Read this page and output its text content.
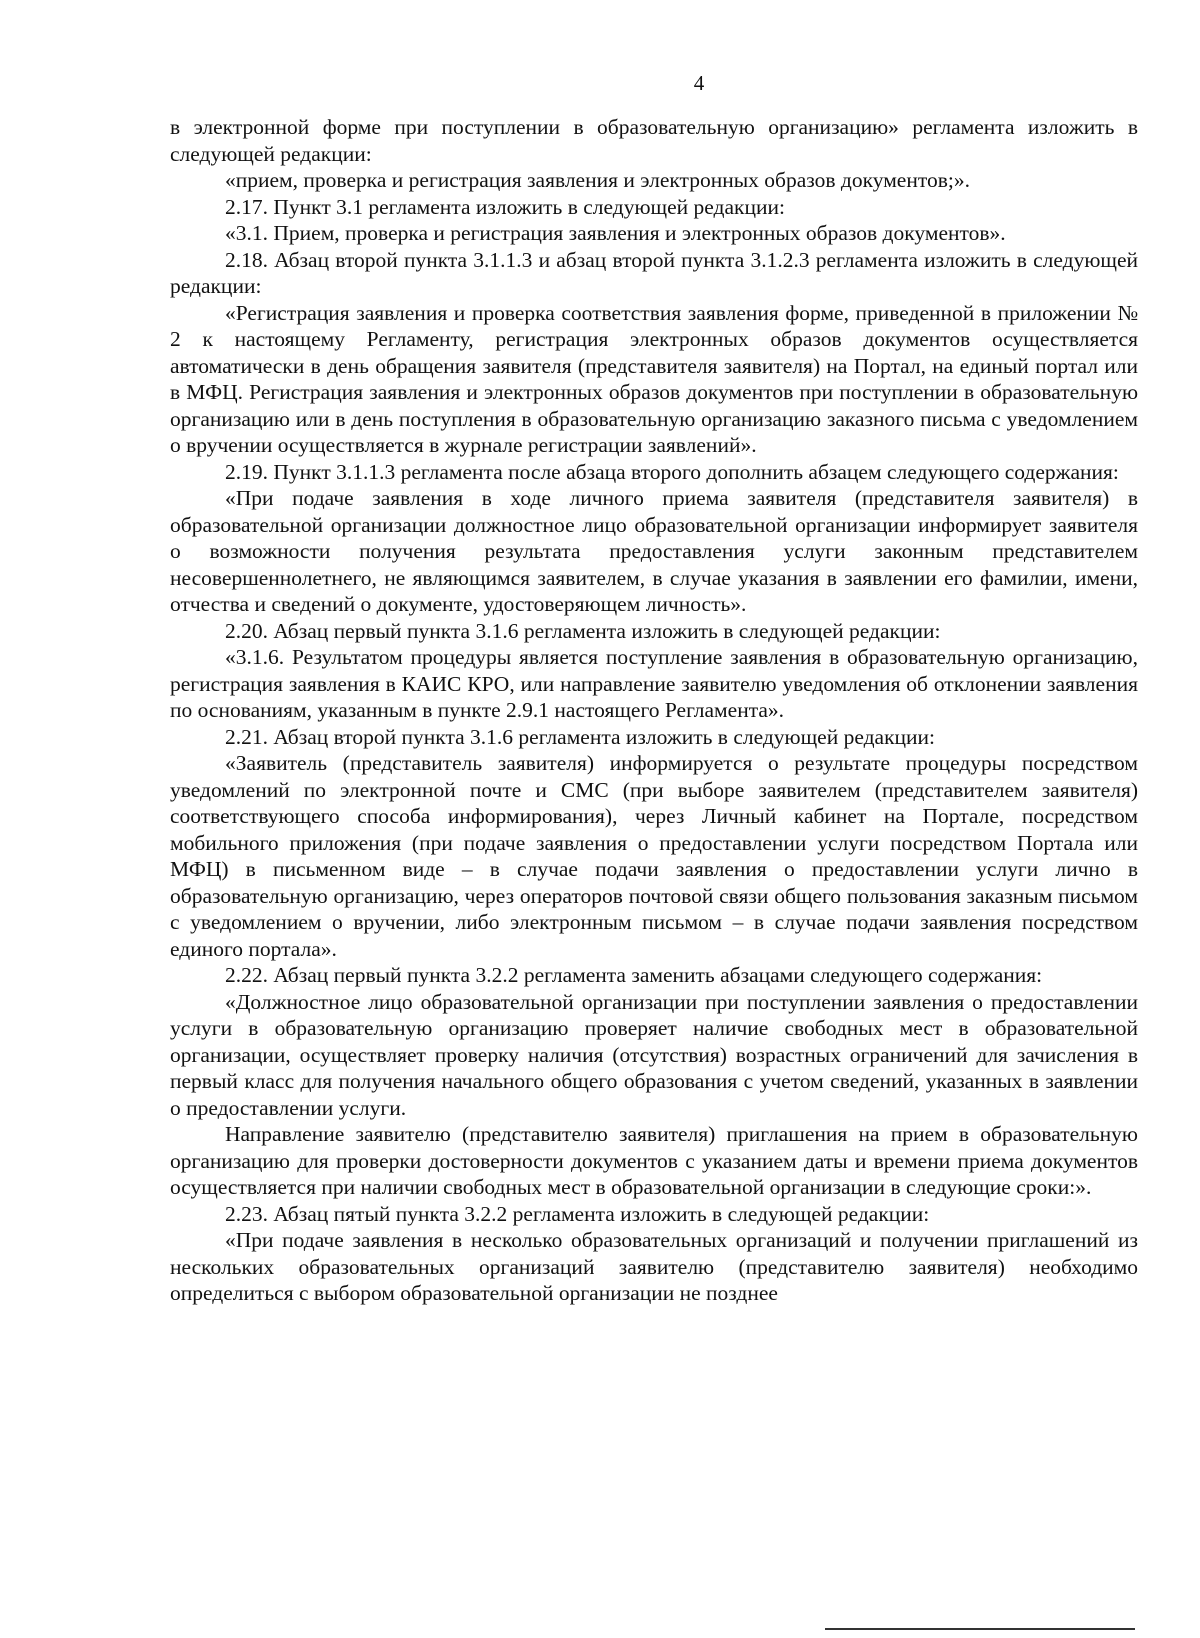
4

в электронной форме при поступлении в образовательную организацию» регламента изложить в следующей редакции:

«прием, проверка и регистрация заявления и электронных образов документов;».

2.17. Пункт 3.1 регламента изложить в следующей редакции:

«3.1. Прием, проверка и регистрация заявления и электронных образов документов».

2.18. Абзац второй пункта 3.1.1.3 и абзац второй пункта 3.1.2.3 регламента изложить в следующей редакции:

«Регистрация заявления и проверка соответствия заявления форме, приведенной в приложении № 2 к настоящему Регламенту, регистрация электронных образов документов осуществляется автоматически в день обращения заявителя (представителя заявителя) на Портал, на единый портал или в МФЦ. Регистрация заявления и электронных образов документов при поступлении в образовательную организацию или в день поступления в образовательную организацию заказного письма с уведомлением о вручении осуществляется в журнале регистрации заявлений».

2.19. Пункт 3.1.1.3 регламента после абзаца второго дополнить абзацем следующего содержания:

«При подаче заявления в ходе личного приема заявителя (представителя заявителя) в образовательной организации должностное лицо образовательной организации информирует заявителя о возможности получения результата предоставления услуги законным представителем несовершеннолетнего, не являющимся заявителем, в случае указания в заявлении его фамилии, имени, отчества и сведений о документе, удостоверяющем личность».

2.20. Абзац первый пункта 3.1.6 регламента изложить в следующей редакции:

«3.1.6. Результатом процедуры является поступление заявления в образовательную организацию, регистрация заявления в КАИС КРО, или направление заявителю уведомления об отклонении заявления по основаниям, указанным в пункте 2.9.1 настоящего Регламента».

2.21. Абзац второй пункта 3.1.6 регламента изложить в следующей редакции:

«Заявитель (представитель заявителя) информируется о результате процедуры посредством уведомлений по электронной почте и СМС (при выборе заявителем (представителем заявителя) соответствующего способа информирования), через Личный кабинет на Портале, посредством мобильного приложения (при подаче заявления о предоставлении услуги посредством Портала или МФЦ) в письменном виде – в случае подачи заявления о предоставлении услуги лично в образовательную организацию, через операторов почтовой связи общего пользования заказным письмом с уведомлением о вручении, либо электронным письмом – в случае подачи заявления посредством единого портала».

2.22. Абзац первый пункта 3.2.2 регламента заменить абзацами следующего содержания:

«Должностное лицо образовательной организации при поступлении заявления о предоставлении услуги в образовательную организацию проверяет наличие свободных мест в образовательной организации, осуществляет проверку наличия (отсутствия) возрастных ограничений для зачисления в первый класс для получения начального общего образования с учетом сведений, указанных в заявлении о предоставлении услуги.

Направление заявителю (представителю заявителя) приглашения на прием в образовательную организацию для проверки достоверности документов с указанием даты и времени приема документов осуществляется при наличии свободных мест в образовательной организации в следующие сроки:».

2.23. Абзац пятый пункта 3.2.2 регламента изложить в следующей редакции:

«При подаче заявления в несколько образовательных организаций и получении приглашений из нескольких образовательных организаций заявителю (представителю заявителя) необходимо определиться с выбором образовательной организации не позднее
